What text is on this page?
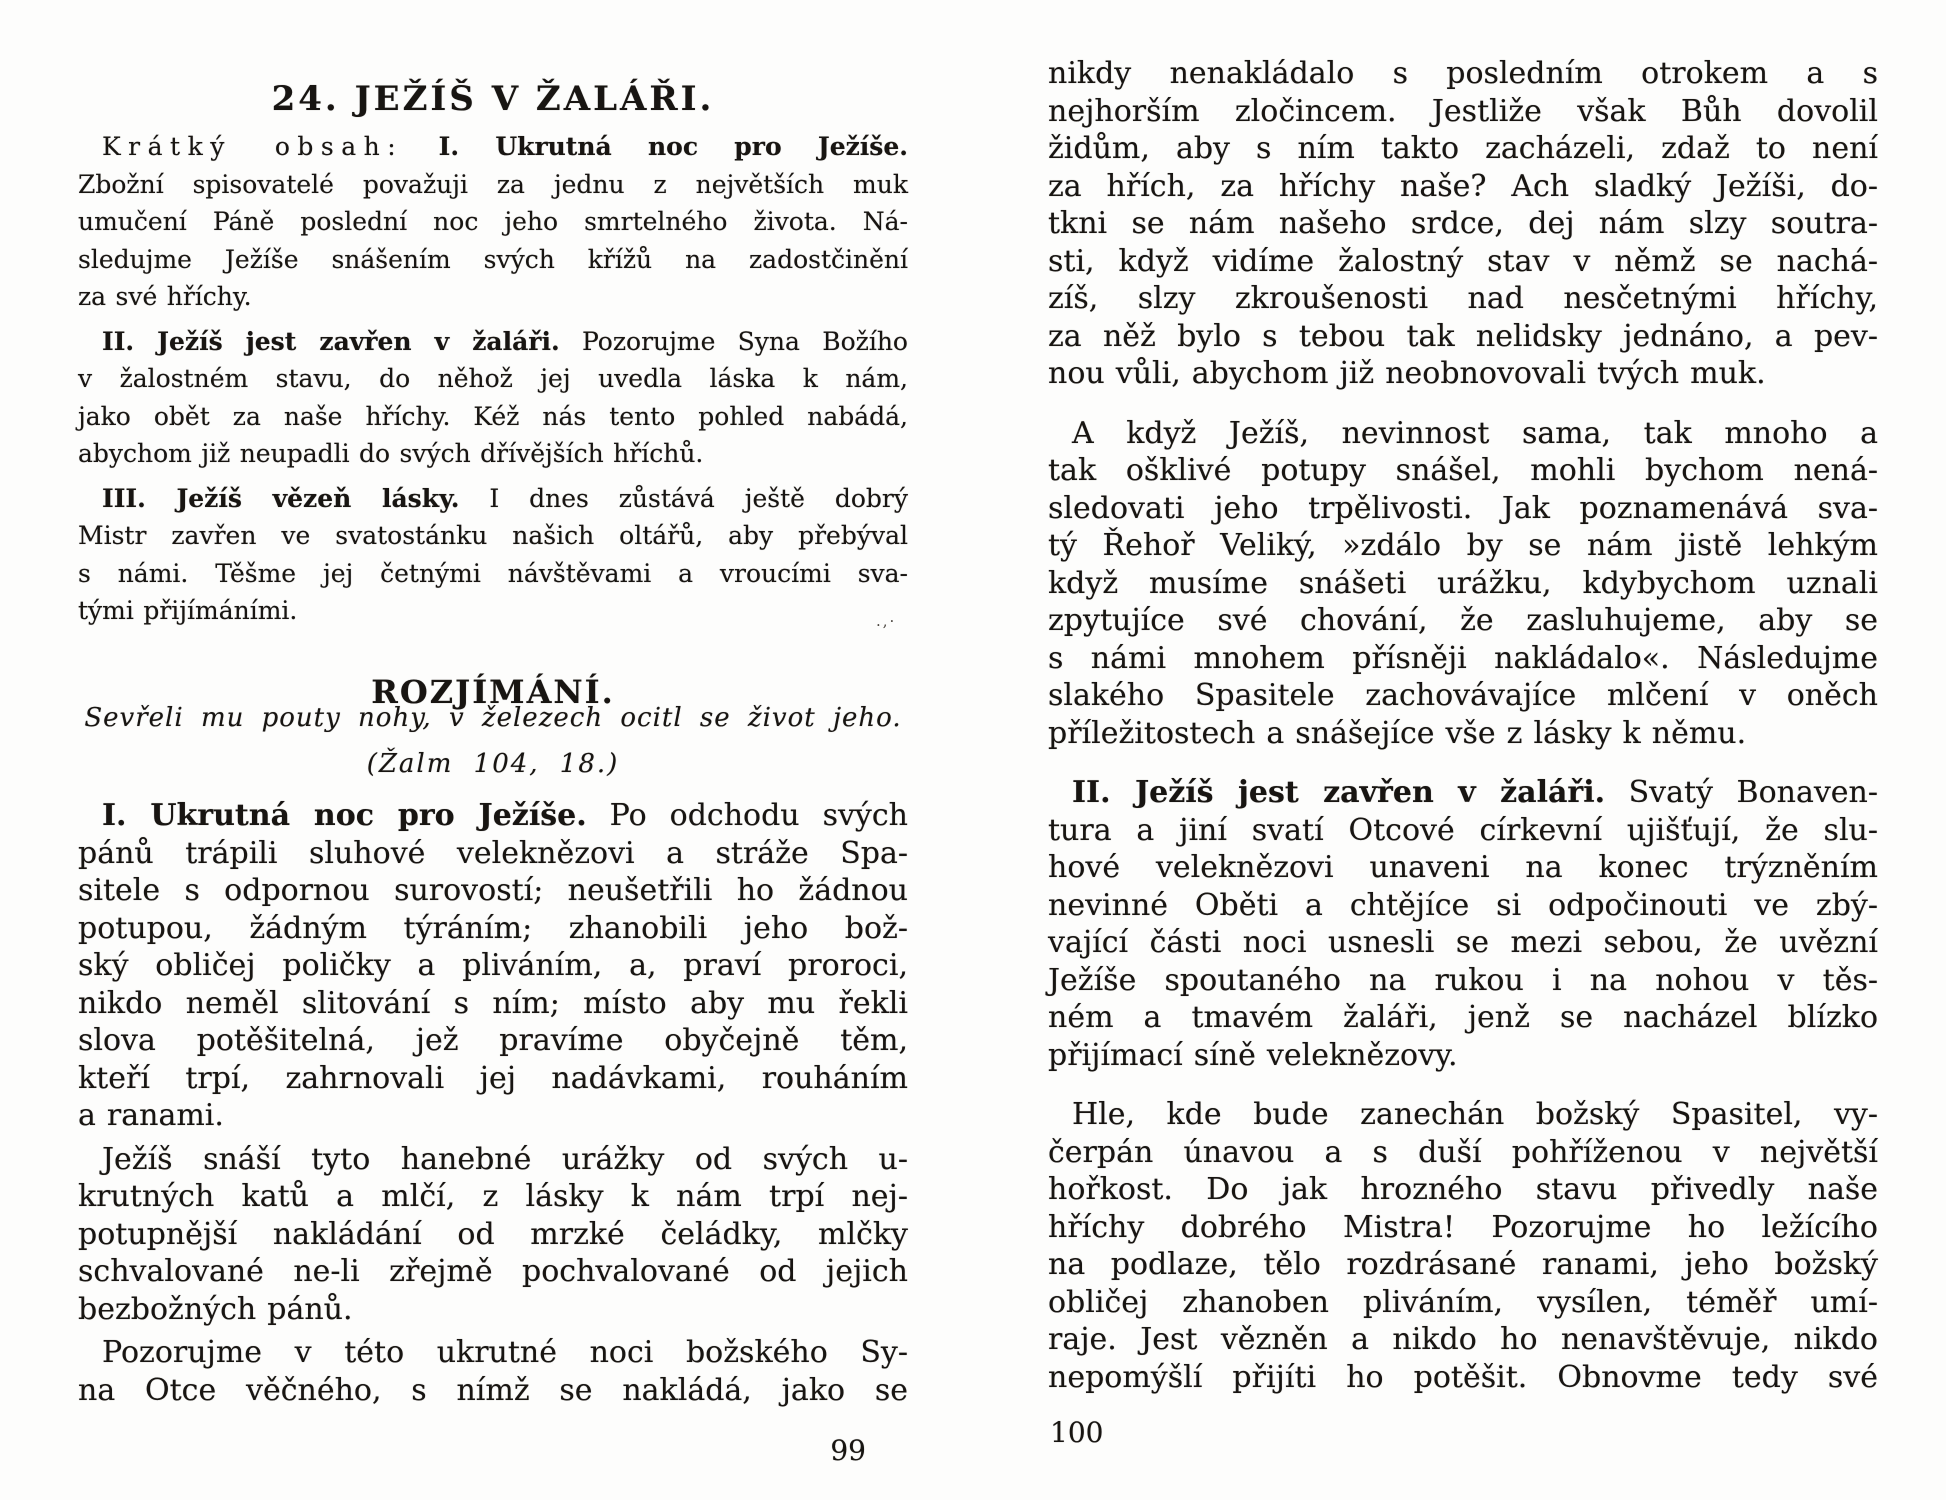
24. JEŽÍŠ V ŽALÁŘI.
Krátký obsah: I. Ukrutná noc pro Ježíše.
Zbožní spisovatelé považuji za jednu z největších muk
umučení Páně poslední noc jeho smrtelného života. Ná-
sledujme Ježíše snášením svých křížů na zadostčinění
za své hříchy.
II. Ježíš jest zavřen v žaláři. Pozorujme Syna Božího
v žalostném stavu, do něhož jej uvedla láska k nám,
jako obět za naše hříchy. Kéž nás tento pohled nabádá,
abychom již neupadli do svých dřívějších hříchů.
III. Ježíš vězeň lásky. I dnes zůstává ještě dobrý
Mistr zavřen ve svatostánku našich oltářů, aby přebýval
s námi. Těšme jej četnými návštěvami a vroucími sva-
tými přijímáními.
ROZJÍMÁNÍ.
Sevřeli mu pouty nohy, v železech ocitl se život jeho.
(Žalm 104, 18.)
I. Ukrutná noc pro Ježíše. Po odchodu svých
pánů trápili sluhové veleknězovi a stráže Spa-
sitele s odpornou surovostí; neušetřili ho žádnou
potupou, žádným týráním; zhanobili jeho bož-
ský obličej poličky a pliváním, a, praví proroci,
nikdo neměl slitování s ním; místo aby mu řekli
slova potěšitelná, jež pravíme obyčejně těm,
kteří trpí, zahrnovali jej nadávkami, rouháním
a ranami.
Ježíš snáší tyto hanebné urážky od svých u-
krutných katů a mlčí, z lásky k nám trpí nej-
potupnější nakládání od mrzké čeládky, mlčky
schvalované ne-li zřejmě pochvalované od jejich
bezbožných pánů.
Pozorujme v této ukrutné noci božského Sy-
na Otce věčného, s nímž se nakládá, jako se
99
.,·
nikdy nenakládalo s posledním otrokem a s
nejhorším zločincem. Jestliže však Bůh dovolil
židům, aby s ním takto zacházeli, zdaž to není
za hřích, za hříchy naše? Ach sladký Ježíši, do-
tkni se nám našeho srdce, dej nám slzy soutra-
sti, když vidíme žalostný stav v němž se nachá-
zíš, slzy zkroušenosti nad nesčetnými hříchy,
za něž bylo s tebou tak nelidsky jednáno, a pev-
nou vůli, abychom již neobnovovali tvých muk.
A když Ježíš, nevinnost sama, tak mnoho a
tak ošklivé potupy snášel, mohli bychom nená-
sledovati jeho trpělivosti. Jak poznamenává sva-
tý Řehoř Veliký, »zdálo by se nám jistě lehkým
když musíme snášeti urážku, kdybychom uznali
zpytujíce své chování, že zasluhujeme, aby se
s námi mnohem přísněji nakládalo«. Následujme
slakého Spasitele zachovávajíce mlčení v oněch
příležitostech a snášejíce vše z lásky k němu.
II. Ježíš jest zavřen v žaláři. Svatý Bonaven-
tura a jiní svatí Otcové církevní ujišťují, že slu-
hové veleknězovi unaveni na konec trýzněním
nevinné Oběti a chtějíce si odpočinouti ve zbý-
vající části noci usnesli se mezi sebou, že uvězní
Ježíše spoutaného na rukou i na nohou v těs-
ném a tmavém žaláři, jenž se nacházel blízko
přijímací síně veleknězovy.
Hle, kde bude zanechán božský Spasitel, vy-
čerpán únavou a s duší pohříženou v největší
hořkost. Do jak hrozného stavu přivedly naše
hříchy dobrého Mistra! Pozorujme ho ležícího
na podlaze, tělo rozdrásané ranami, jeho božský
obličej zhanoben pliváním, vysílen, téměř umí-
raje. Jest vězněn a nikdo ho nenavštěvuje, nikdo
nepomýšlí přijíti ho potěšit. Obnovme tedy své
100
